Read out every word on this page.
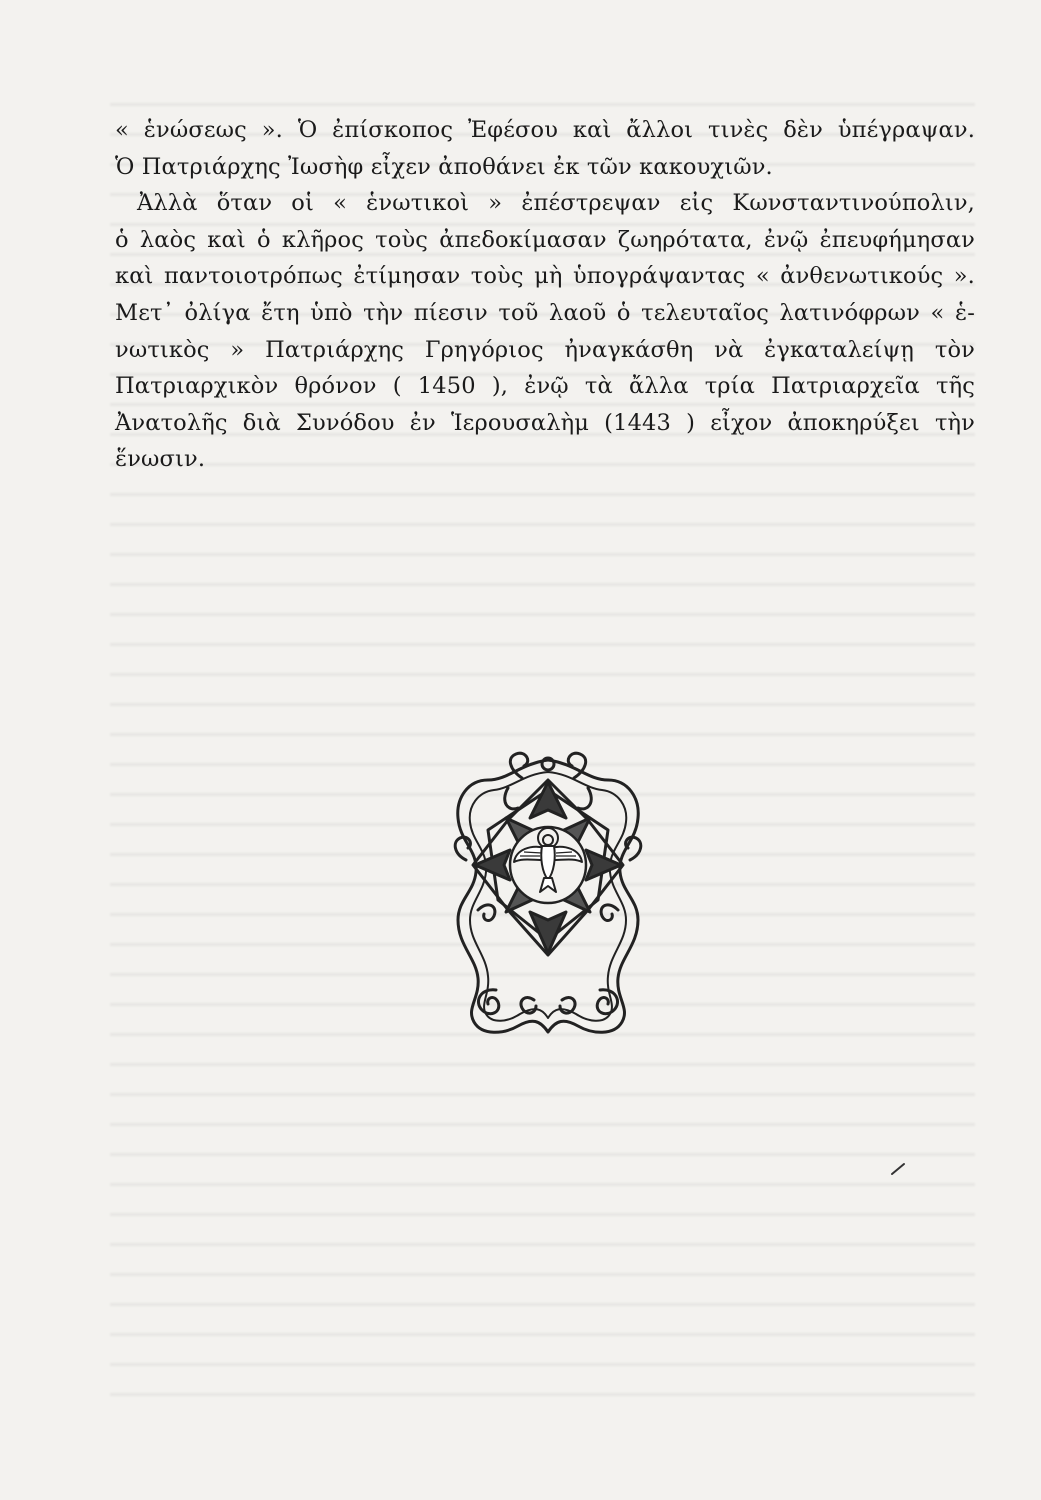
« ἑνώσεως ». Ὁ ἐπίσκοπος Ἐφέσου καὶ ἄλλοι τινὲς δὲν ὑπέγραψαν.
Ὁ Πατριάρχης Ἰωσὴφ εἶχεν ἀποθάνει ἐκ τῶν κακουχιῶν.
Ἀλλὰ ὅταν οἱ « ἑνωτικοὶ » ἐπέστρεψαν εἰς Κωνσταντινούπολιν,
ὁ λαὸς καὶ ὁ κλῆρος τοὺς ἀπεδοκίμασαν ζωηρότατα, ἐνῷ ἐπευφήμησαν
καὶ παντοιοτρόπως ἐτίμησαν τοὺς μὴ ὑπογράψαντας « ἀνθενωτικούς ».
Μετ᾽ ὀλίγα ἔτη ὑπὸ τὴν πίεσιν τοῦ λαοῦ ὁ τελευταῖος λατινόφρων « ἑ-
νωτικὸς » Πατριάρχης Γρηγόριος ἠναγκάσθη νὰ ἐγκαταλείψῃ τὸν
Πατριαρχικὸν θρόνον ( 1450 ), ἐνῷ τὰ ἄλλα τρία Πατριαρχεῖα τῆς
Ἀνατολῆς διὰ Συνόδου ἐν Ἱερουσαλὴμ (1443 ) εἶχον ἀποκηρύξει τὴν
ἕνωσιν.
